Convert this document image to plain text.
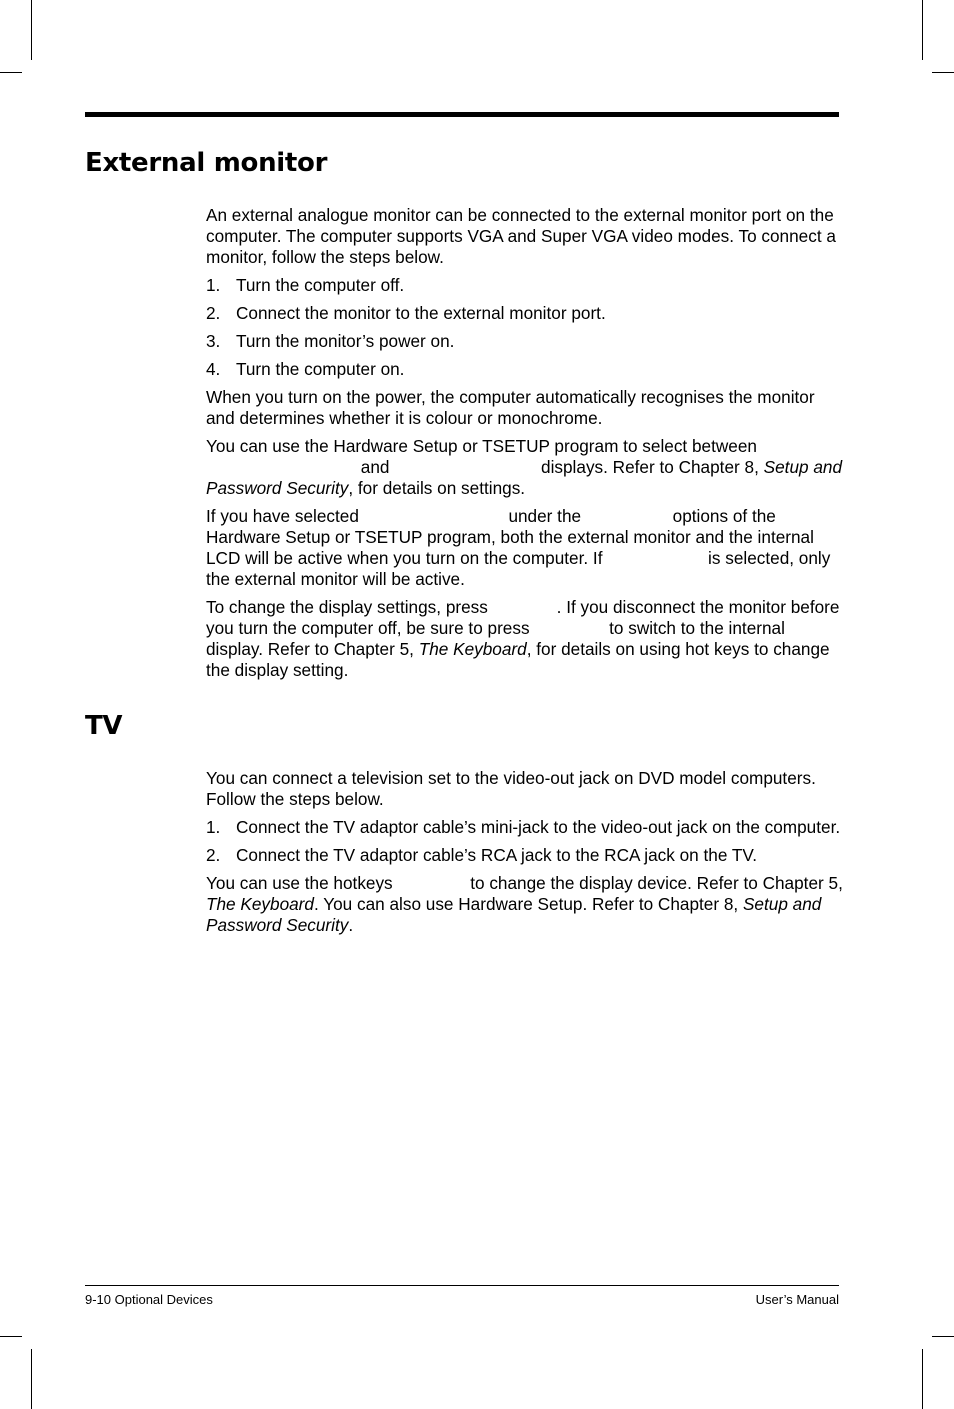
External monitor

An external analogue monitor can be connected to the external monitor port on the computer. The computer supports VGA and Super VGA video modes. To connect a monitor, follow the steps below.

1. Turn the computer off.
2. Connect the monitor to the external monitor port.
3. Turn the monitor’s power on.
4. Turn the computer on.

When you turn on the power, the computer automatically recognises the monitor and determines whether it is colour or monochrome.

You can use the Hardware Setup or TSETUP program to select between  and	displays. Refer to Chapter 8, Setup and Password Security, for details on settings.

If you have selected	under the	options of the Hardware Setup or TSETUP program, both the external monitor and the internal LCD will be active when you turn on the computer. If	is selected, only the external monitor will be active.

To change the display settings, press	. If you disconnect the monitor before you turn the computer off, be sure to press	to switch to the internal display. Refer to Chapter 5, The Keyboard, for details on using hot keys to change the display setting.

TV

You can connect a television set to the video-out jack on DVD model computers. Follow the steps below.

1. Connect the TV adaptor cable’s mini-jack to the video-out jack on the computer.
2. Connect the TV adaptor cable’s RCA jack to the RCA jack on the TV.

You can use the hotkeys	to change the display device. Refer to Chapter 5, The Keyboard. You can also use Hardware Setup. Refer to Chapter 8, Setup and Password Security.

9-10 Optional Devices	User’s Manual
